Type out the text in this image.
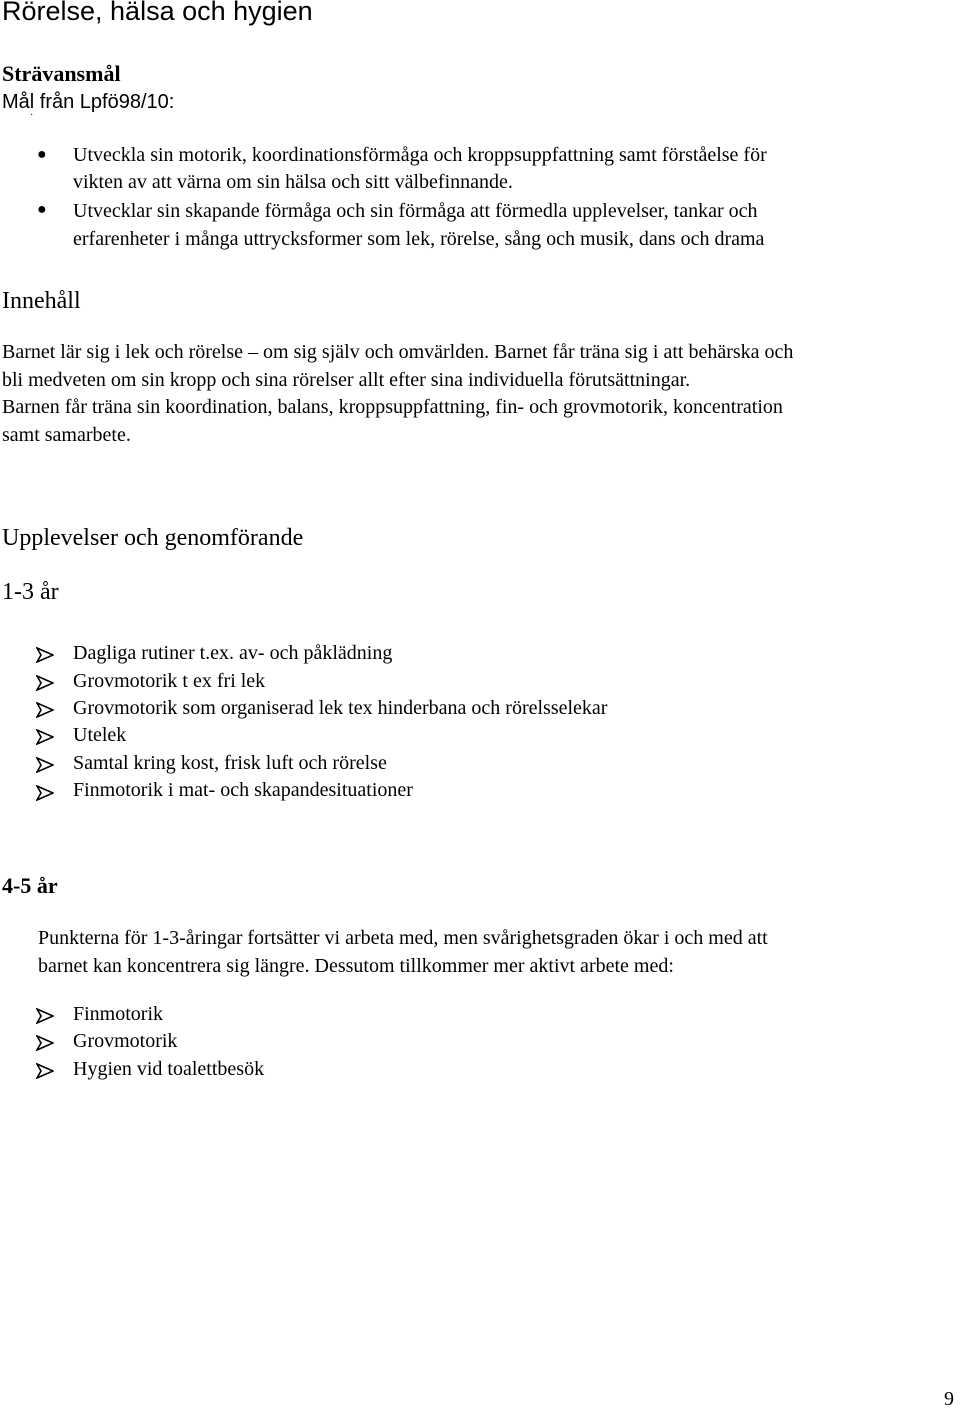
Rörelse, hälsa och hygien
Strävansmål
Mål från Lpfö98/10:
·
● Utveckla sin motorik, koordinationsförmåga och kroppsuppfattning samt förståelse för
vikten av att värna om sin hälsa och sitt välbefinnande.
● Utvecklar sin skapande förmåga och sin förmåga att förmedla upplevelser, tankar och
erfarenheter i många uttrycksformer som lek, rörelse, sång och musik, dans och drama
Innehåll
Barnet lär sig i lek och rörelse – om sig själv och omvärlden. Barnet får träna sig i att behärska och
bli medveten om sin kropp och sina rörelser allt efter sina individuella förutsättningar.
Barnen får träna sin koordination, balans, kroppsuppfattning, fin- och grovmotorik, koncentration
samt samarbete.
Upplevelser och genomförande
1-3 år
Dagliga rutiner t.ex. av- och påklädning
Grovmotorik t ex fri lek
Grovmotorik som organiserad lek tex hinderbana och rörelsselekar
Utelek
Samtal kring kost, frisk luft och rörelse
Finmotorik i mat- och skapandesituationer
4-5 år
Punkterna för 1-3-åringar fortsätter vi arbeta med, men svårighetsgraden ökar i och med att
barnet kan koncentrera sig längre. Dessutom tillkommer mer aktivt arbete med:
Finmotorik
Grovmotorik
Hygien vid toalettbesök
9
